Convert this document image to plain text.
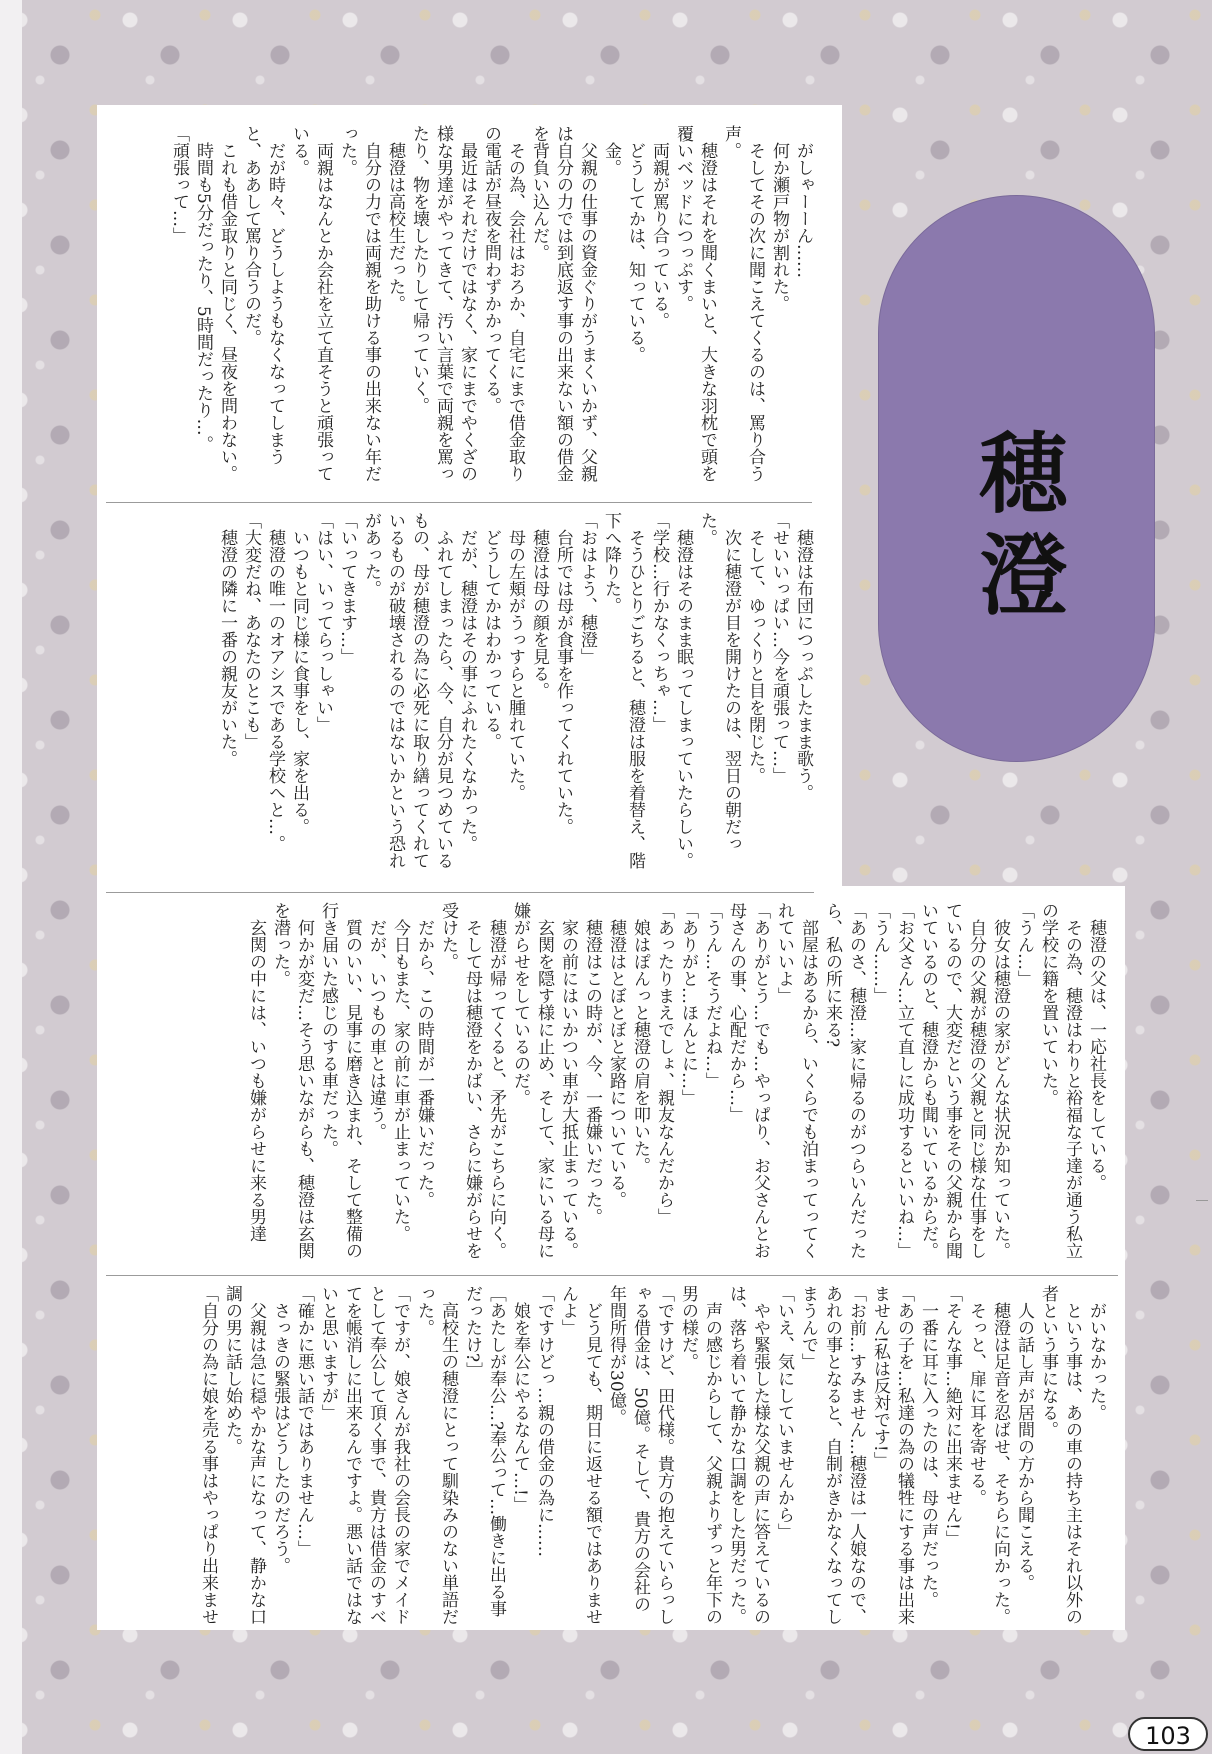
がしゃーーん……
何か瀬戸物が割れた。
そしてその次に聞こえてくるのは、罵り合う声。
穂澄はそれを聞くまいと、大きな羽枕で頭を覆いベッドにつっぷす。
両親が罵り合っている。
どうしてかは、知っている。
金。
父親の仕事の資金ぐりがうまくいかず、父親は自分の力では到底返す事の出来ない額の借金を背負い込んだ。
その為、会社はおろか、自宅にまで借金取りの電話が昼夜を問わずかかってくる。
最近はそれだけではなく、家にまでやくざの様な男達がやってきて、汚い言葉で両親を罵ったり、物を壊したりして帰っていく。
穂澄は高校生だった。
自分の力では両親を助ける事の出来ない年だった。
両親はなんとか会社を立て直そうと頑張っている。
だが時々、どうしようもなくなってしまうと、ああして罵り合うのだ。
これも借金取りと同じく、昼夜を問わない。
時間も5分だったり、5時間だったり…。
「頑張って…」
穂澄は布団につっぷしたまま歌う。
「せいいっぱい…今を頑張って…」
そして、ゆっくりと目を閉じた。
次に穂澄が目を開けたのは、翌日の朝だった。
穂澄はそのまま眠ってしまっていたらしい。
「学校…行かなくっちゃ…」
そうひとりごちると、穂澄は服を着替え、階下へ降りた。
「おはよう、穂澄」
台所では母が食事を作ってくれていた。
穂澄は母の顔を見る。
母の左頬がうっすらと腫れていた。
どうしてかはわかっている。
だが、穂澄はその事にふれたくなかった。
ふれてしまったら、今、自分が見つめているもの、母が穂澄の為に必死に取り繕ってくれているものが破壊されるのではないかという恐れがあった。
「いってきます…」
「はい、いってらっしゃい」
いつもと同じ様に食事をし、家を出る。
穂澄の唯一のオアシスである学校へと…。
「大変だね、あなたのとこも」
穂澄の隣に一番の親友がいた。
穂澄の父は、一応社長をしている。
その為、穂澄はわりと裕福な子達が通う私立の学校に籍を置いていた。
「うん…」
彼女は穂澄の家がどんな状況か知っていた。
自分の父親が穂澄の父親と同じ様な仕事をしているので、大変だという事をその父親から聞いているのと、穂澄からも聞いているからだ。
「お父さん…立て直しに成功するといいね…」
「うん……」
「あのさ、穂澄…家に帰るのがつらいんだったら、私の所に来る?
部屋はあるから、いくらでも泊まってってくれていいよ」
「ありがとう…でも…やっぱり、お父さんとお母さんの事、心配だから…」
「うん…そうだよね…」
「ありがと…ほんとに…」
「あったりまえでしょ、親友なんだから」
娘はぽんっと穂澄の肩を叩いた。
穂澄はとぼとぼと家路についている。
穂澄はこの時が、今、一番嫌いだった。
家の前にはいかつい車が大抵止まっている。
玄関を隠す様に止め、そして、家にいる母に嫌がらせをしているのだ。
穂澄が帰ってくると、矛先がこちらに向く。
そして母は穂澄をかばい、さらに嫌がらせを受けた。
だから、この時間が一番嫌いだった。
今日もまた、家の前に車が止まっていた。
だが、いつもの車とは違う。
質のいい、見事に磨き込まれ、そして整備の行き届いた感じのする車だった。
何かが変だ…そう思いながらも、穂澄は玄関を潜った。
玄関の中には、いつも嫌がらせに来る男達
がいなかった。
という事は、あの車の持ち主はそれ以外の者という事になる。
人の話し声が居間の方から聞こえる。
穂澄は足音を忍ばせ、そちらに向かった。
そっと、扉に耳を寄せる。
「そんな事…絶対に出来ません!」
一番に耳に入ったのは、母の声だった。
「あの子を…私達の為の犠牲にする事は出来ません!私は反対です!」
「お前…すみません…穂澄は一人娘なので、あれの事となると、自制がきかなくなってしまうんで」
「いえ、気にしていませんから」
やや緊張した様な父親の声に答えているのは、落ち着いて静かな口調をした男だった。
声の感じからして、父親よりずっと年下の男の様だ。
「ですけど、田代様。貴方の抱えていらっしゃる借金は、50億。そして、貴方の会社の年間所得が30億。
どう見ても、期日に返せる額ではありませんよ」
「ですけどっ…親の借金の為に……
娘を奉公にやるなんて…!」
［あたしが奉公…?奉公って…働きに出る事だったけ?］
高校生の穂澄にとって馴染みのない単語だった。
「ですが、娘さんが我社の会長の家でメイドとして奉公して頂く事で、貴方は借金のすべてを帳消しに出来るんですよ。悪い話ではないと思いますが」
「確かに悪い話ではありません…」
さっきの緊張はどうしたのだろう。
父親は急に穏やかな声になって、静かな口調の男に話し始めた。
「自分の為に娘を売る事はやっぱり出来ませ
穂澄
103
